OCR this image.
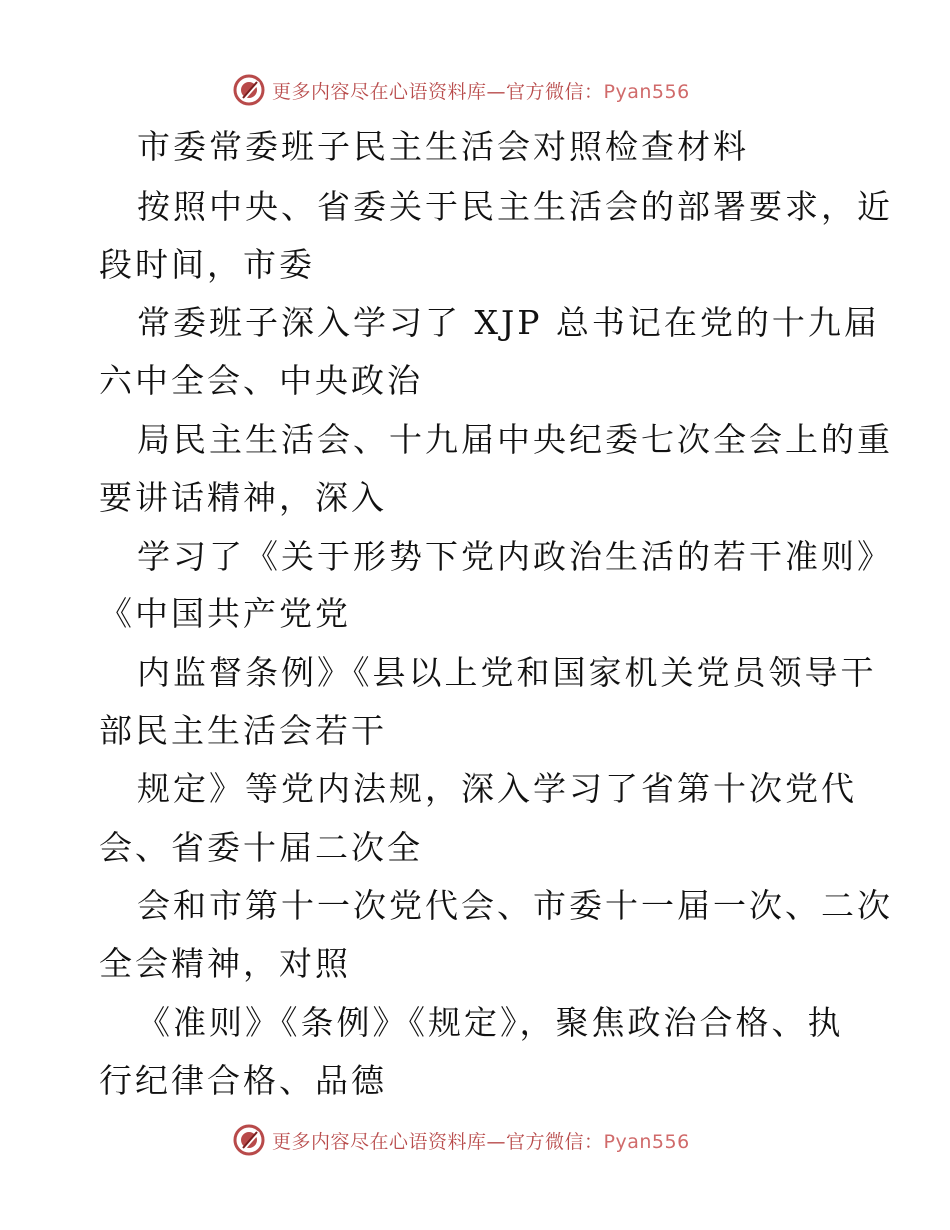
更多内容尽在心语资料库—官方微信：Pyan556
市委常委班子民主生活会对照检查材料
按照中央、省委关于民主生活会的部署要求，近
段时间，市委
常委班子深入学习了 XJP 总书记在党的十九届
六中全会、中央政治
局民主生活会、十九届中央纪委七次全会上的重
要讲话精神，深入
学习了《关于形势下党内政治生活的若干准则》
《中国共产党党
内监督条例》《县以上党和国家机关党员领导干
部民主生活会若干
规定》等党内法规，深入学习了省第十次党代
会、省委十届二次全
会和市第十一次党代会、市委十一届一次、二次
全会精神，对照
《准则》《条例》《规定》，聚焦政治合格、执
行纪律合格、品德
更多内容尽在心语资料库—官方微信：Pyan556
